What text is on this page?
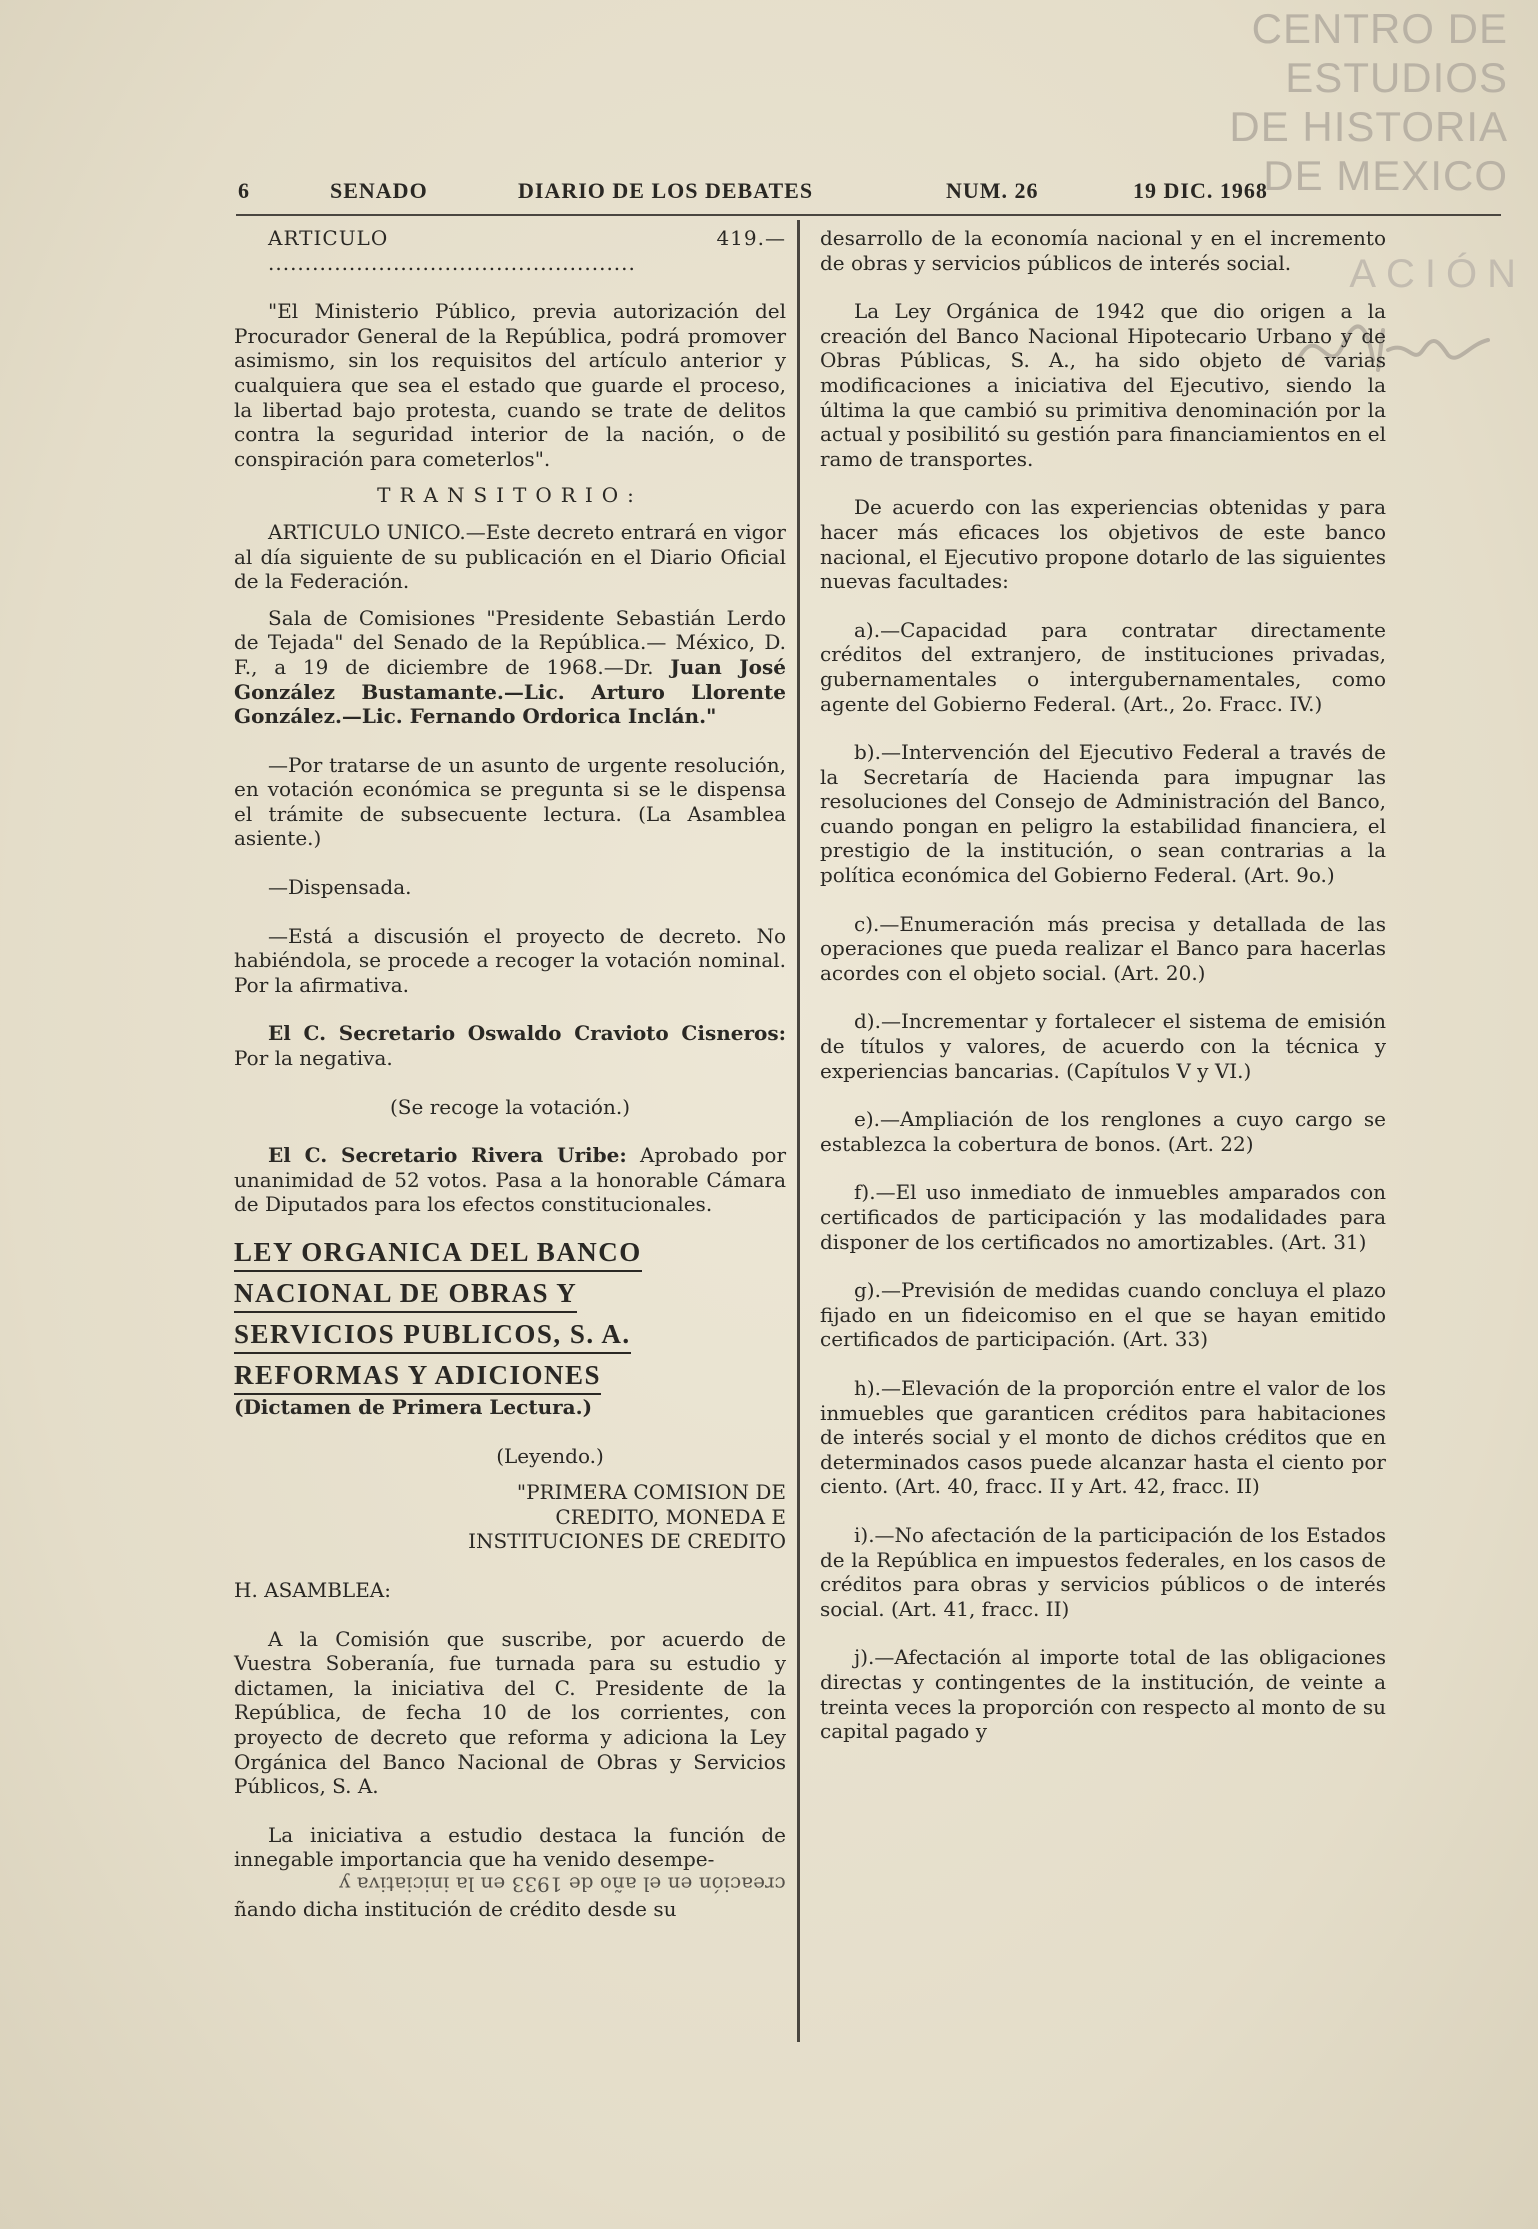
CENTRO DE
ESTUDIOS
DE HISTORIA
DE MEXICO
ACIÓN
6	SENADO	DIARIO DE LOS DEBATES	NUM. 26	19 DIC. 1968

ARTICULO 419.— ..................................................

"El Ministerio Público, previa autorización del Procurador General de la República, podrá promover asimismo, sin los requisitos del artículo anterior y cualquiera que sea el estado que guarde el proceso, la libertad bajo protesta, cuando se trate de delitos contra la seguridad interior de la nación, o de conspiración para cometerlos".

TRANSITORIO:

ARTICULO UNICO.—Este decreto entrará en vigor al día siguiente de su publicación en el Diario Oficial de la Federación.

Sala de Comisiones "Presidente Sebastián Lerdo de Tejada" del Senado de la República.— México, D. F., a 19 de diciembre de 1968.—Dr. Juan José González Bustamante.—Lic. Arturo Llorente González.—Lic. Fernando Ordorica Inclán."

—Por tratarse de un asunto de urgente resolución, en votación económica se pregunta si se le dispensa el trámite de subsecuente lectura. (La Asamblea asiente.)

—Dispensada.

—Está a discusión el proyecto de decreto. No habiéndola, se procede a recoger la votación nominal. Por la afirmativa.

El C. Secretario Oswaldo Cravioto Cisneros: Por la negativa.

(Se recoge la votación.)

El C. Secretario Rivera Uribe: Aprobado por unanimidad de 52 votos. Pasa a la honorable Cámara de Diputados para los efectos constitucionales.

LEY ORGANICA DEL BANCO
NACIONAL DE OBRAS Y
SERVICIOS PUBLICOS, S. A.
REFORMAS Y ADICIONES

(Dictamen de Primera Lectura.)

(Leyendo.)

"PRIMERA COMISION DE

CREDITO, MONEDA E

INSTITUCIONES DE CREDITO

H. ASAMBLEA:

A la Comisión que suscribe, por acuerdo de Vuestra Soberanía, fue turnada para su estudio y dictamen, la iniciativa del C. Presidente de la República, de fecha 10 de los corrientes, con proyecto de decreto que reforma y adiciona la Ley Orgánica del Banco Nacional de Obras y Servicios Públicos, S. A.

La iniciativa a estudio destaca la función de innegable importancia que ha venido desempe-

creación en el año de 1933 en la iniciativa y

ñando dicha institución de crédito desde su

desarrollo de la economía nacional y en el incremento de obras y servicios públicos de interés social.

La Ley Orgánica de 1942 que dio origen a la creación del Banco Nacional Hipotecario Urbano y de Obras Públicas, S. A., ha sido objeto de varias modificaciones a iniciativa del Ejecutivo, siendo la última la que cambió su primitiva denominación por la actual y posibilitó su gestión para financiamientos en el ramo de transportes.

De acuerdo con las experiencias obtenidas y para hacer más eficaces los objetivos de este banco nacional, el Ejecutivo propone dotarlo de las siguientes nuevas facultades:

a).—Capacidad para contratar directamente créditos del extranjero, de instituciones privadas, gubernamentales o intergubernamentales, como agente del Gobierno Federal. (Art., 2o. Fracc. IV.)

b).—Intervención del Ejecutivo Federal a través de la Secretaría de Hacienda para impugnar las resoluciones del Consejo de Administración del Banco, cuando pongan en peligro la estabilidad financiera, el prestigio de la institución, o sean contrarias a la política económica del Gobierno Federal. (Art. 9o.)

c).—Enumeración más precisa y detallada de las operaciones que pueda realizar el Banco para hacerlas acordes con el objeto social. (Art. 20.)

d).—Incrementar y fortalecer el sistema de emisión de títulos y valores, de acuerdo con la técnica y experiencias bancarias. (Capítulos V y VI.)

e).—Ampliación de los renglones a cuyo cargo se establezca la cobertura de bonos. (Art. 22)

f).—El uso inmediato de inmuebles amparados con certificados de participación y las modalidades para disponer de los certificados no amortizables. (Art. 31)

g).—Previsión de medidas cuando concluya el plazo fijado en un fideicomiso en el que se hayan emitido certificados de participación. (Art. 33)

h).—Elevación de la proporción entre el valor de los inmuebles que garanticen créditos para habitaciones de interés social y el monto de dichos créditos que en determinados casos puede alcanzar hasta el ciento por ciento. (Art. 40, fracc. II y Art. 42, fracc. II)

i).—No afectación de la participación de los Estados de la República en impuestos federales, en los casos de créditos para obras y servicios públicos o de interés social. (Art. 41, fracc. II)

j).—Afectación al importe total de las obligaciones directas y contingentes de la institución, de veinte a treinta veces la proporción con respecto al monto de su capital pagado y
